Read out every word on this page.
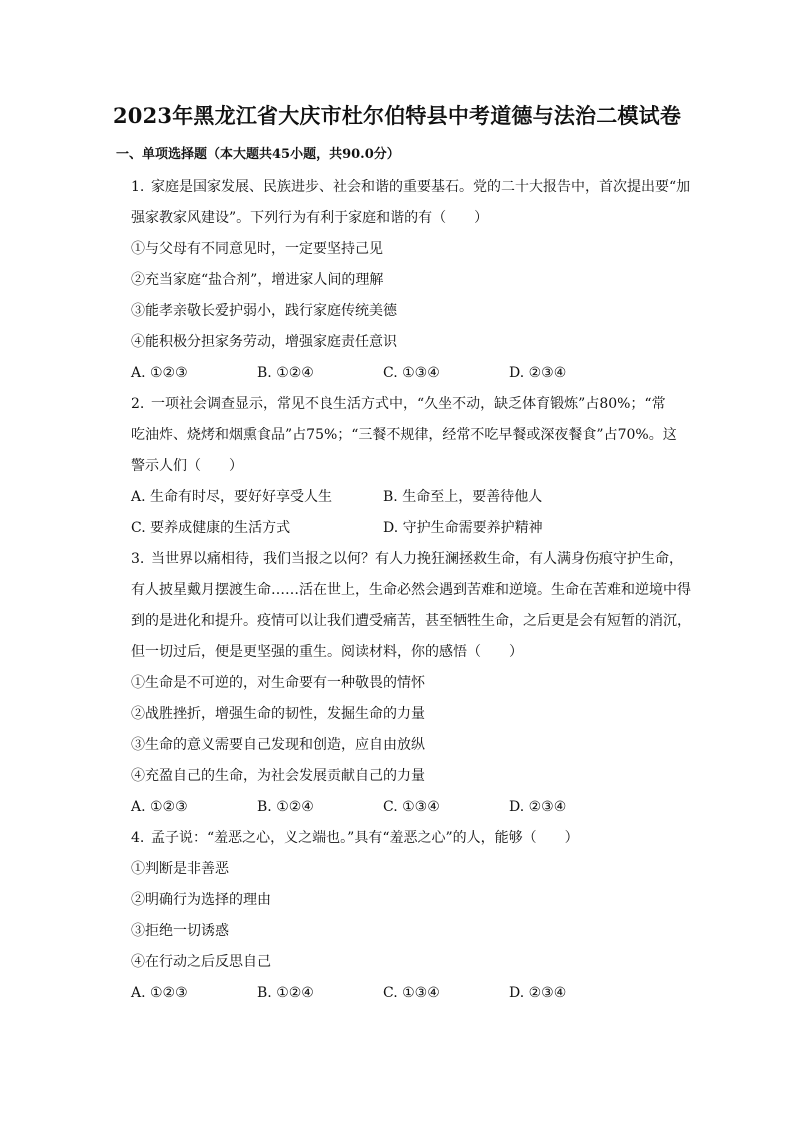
2023年黑龙江省大庆市杜尔伯特县中考道德与法治二模试卷
一、单项选择题（本大题共45小题，共90.0分）
1. 家庭是国家发展、民族进步、社会和谐的重要基石。党的二十大报告中，首次提出要“加
强家教家风建设”。下列行为有利于家庭和谐的有（　　）
①与父母有不同意见时，一定要坚持己见
②充当家庭“盐合剂”，增进家人间的理解
③能孝亲敬长爱护弱小，践行家庭传统美德
④能积极分担家务劳动，增强家庭责任意识
A. ①②③	B. ①②④	C. ①③④	D. ②③④
2. 一项社会调查显示，常见不良生活方式中，“久坐不动，缺乏体育锻炼”占80%；“常
吃油炸、烧烤和烟熏食品”占75%；“三餐不规律，经常不吃早餐或深夜餐食”占70%。这
警示人们（　　）
A. 生命有时尽，要好好享受人生	B. 生命至上，要善待他人
C. 要养成健康的生活方式	D. 守护生命需要养护精神
3. 当世界以痛相待，我们当报之以何？有人力挽狂澜拯救生命，有人满身伤痕守护生命，
有人披星戴月摆渡生命……活在世上，生命必然会遇到苦难和逆境。生命在苦难和逆境中得
到的是进化和提升。疫情可以让我们遭受痛苦，甚至牺牲生命，之后更是会有短暂的消沉，
但一切过后，便是更坚强的重生。阅读材料，你的感悟（　　）
①生命是不可逆的，对生命要有一种敬畏的情怀
②战胜挫折，增强生命的韧性，发掘生命的力量
③生命的意义需要自己发现和创造，应自由放纵
④充盈自己的生命，为社会发展贡献自己的力量
A. ①②③	B. ①②④	C. ①③④	D. ②③④
4. 孟子说：“羞恶之心，义之端也。”具有“羞恶之心”的人，能够（　　）
①判断是非善恶
②明确行为选择的理由
③拒绝一切诱惑
④在行动之后反思自己
A. ①②③	B. ①②④	C. ①③④	D. ②③④
